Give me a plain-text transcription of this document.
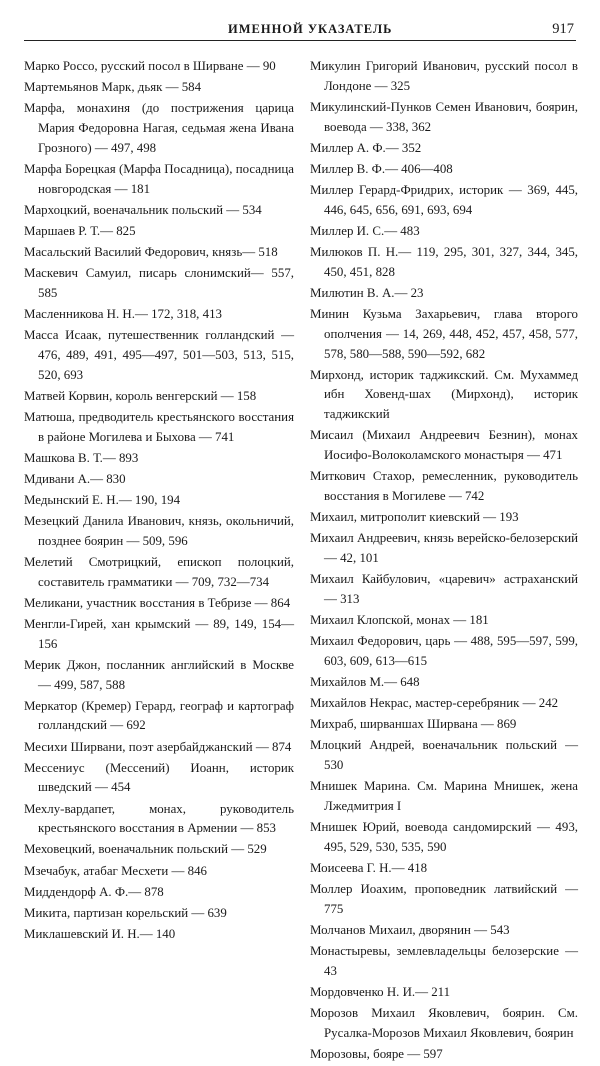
ИМЕННОЙ УКАЗАТЕЛЬ	917
Марко Россо, русский посол в Ширване — 90
Мартемьянов Марк, дьяк — 584
Марфа, монахиня (до пострижения царица Мария Федоровна Нагая, седьмая жена Ивана Грозного) — 497, 498
Марфа Борецкая (Марфа Посадница), посадница новгородская — 181
Мархоцкий, военачальник польский — 534
Маршаев Р. Т.— 825
Масальский Василий Федорович, князь— 518
Маскевич Самуил, писарь слонимский— 557, 585
Масленникова Н. Н.— 172, 318, 413
Масса Исаак, путешественник голландский — 476, 489, 491, 495—497, 501—503, 513, 515, 520, 693
Матвей Корвин, король венгерский — 158
Матюша, предводитель крестьянского восстания в районе Могилева и Быхова — 741
Машкова В. Т.— 893
Мдивани А.— 830
Медынский Е. Н.— 190, 194
Мезецкий Данила Иванович, князь, окольничий, позднее боярин — 509, 596
Мелетий Смотрицкий, епископ полоцкий, составитель грамматики — 709, 732—734
Меликани, участник восстания в Тебризе — 864
Менгли-Гирей, хан крымский — 89, 149, 154—156
Мерик Джон, посланник английский в Москве — 499, 587, 588
Меркатор (Кремер) Герард, географ и картограф голландский — 692
Месихи Ширвани, поэт азербайджанский — 874
Мессениус (Мессений) Иоанн, историк шведский — 454
Мехлу-вардапет, монах, руководитель крестьянского восстания в Армении — 853
Меховецкий, военачальник польский — 529
Мзечабук, атабаг Месхети — 846
Миддендорф А. Ф.— 878
Микита, партизан корельский — 639
Миклашевский И. Н.— 140
Микулин Григорий Иванович, русский посол в Лондоне — 325
Микулинский-Пунков Семен Иванович, боярин, воевода — 338, 362
Миллер А. Ф.— 352
Миллер В. Ф.— 406—408
Миллер Герард-Фридрих, историк — 369, 445, 446, 645, 656, 691, 693, 694
Миллер И. С.— 483
Милюков П. Н.— 119, 295, 301, 327, 344, 345, 450, 451, 828
Милютин В. А.— 23
Минин Кузьма Захарьевич, глава второго ополчения — 14, 269, 448, 452, 457, 458, 577, 578, 580—588, 590—592, 682
Мирхонд, историк таджикский. См. Мухаммед ибн Ховенд-шах (Мирхонд), историк таджикский
Мисаил (Михаил Андреевич Безнин), монах Иосифо-Волоколамского монастыря — 471
Миткович Стахор, ремесленник, руководитель восстания в Могилеве — 742
Михаил, митрополит киевский — 193
Михаил Андреевич, князь верейско-белозерский — 42, 101
Михаил Кайбулович, «царевич» астраханский — 313
Михаил Клопской, монах — 181
Михаил Федорович, царь — 488, 595—597, 599, 603, 609, 613—615
Михайлов М.— 648
Михайлов Некрас, мастер-серебряник — 242
Михраб, ширваншах Ширвана — 869
Млоцкий Андрей, военачальник польский — 530
Мнишек Марина. См. Марина Мнишек, жена Лжедмитрия I
Мнишек Юрий, воевода сандомирский — 493, 495, 529, 530, 535, 590
Моисеева Г. Н.— 418
Моллер Иоахим, проповедник латвийский — 775
Молчанов Михаил, дворянин — 543
Монастыревы, землевладельцы белозерские — 43
Мордовченко Н. И.— 211
Морозов Михаил Яковлевич, боярин. См. Русалка-Морозов Михаил Яковлевич, боярин
Морозовы, бояре — 597
